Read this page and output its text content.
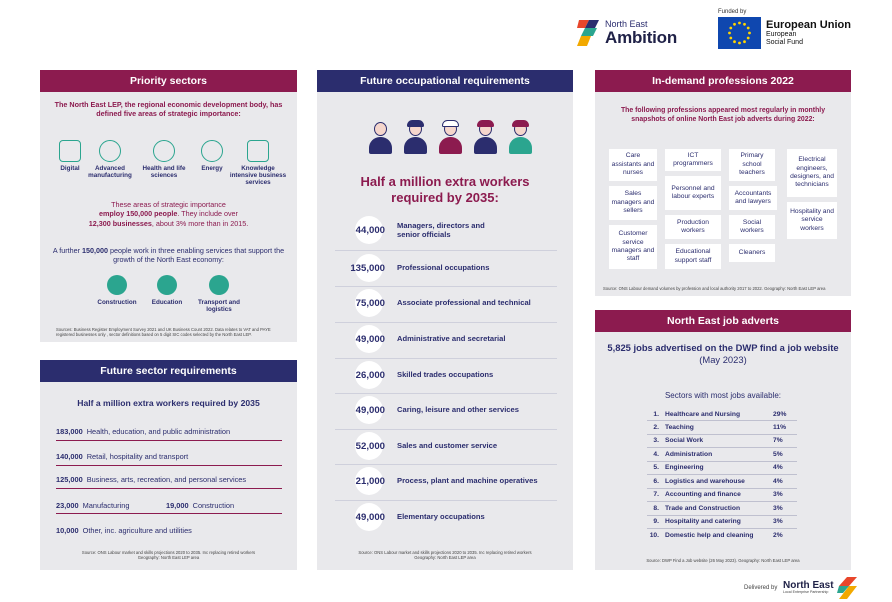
North East
Ambition
Funded by
European Union
European
Social Fund
Priority sectors
The North East LEP, the regional economic development body, has defined five areas of strategic importance:
Digital	Advanced manufacturing
Health and life sciences
Energy	Knowledge intensive business services
These areas of strategic importance
employ 150,000 people. They include over
12,300 businesses, about 3% more than in 2015.
A further 150,000 people work in three enabling services that support the growth of the North East economy:
Construction	Education	Transport and logistics
Sources: Business Register Employment Survey 2021 and UK Business Count 2022. Data relates to VAT and PAYE
registered businesses only , sector definitions based on 5 digit SIC codes selected by the North East LEP.
Future sector requirements
Half a million extra workers required by 2035
183,000 Health, education, and public administration
140,000 Retail, hospitality and transport
125,000 Business, arts, recreation, and personal services
23,000 Manufacturing	19,000 Construction
10,000 Other, inc. agriculture and utilities
Source: ONS Labour market and skills projections 2020 to 2035. Inc replacing retired workers
Geography: North East LEP area
Future occupational requirements
Half a million extra workers
required by 2035:
44,000 Managers, directors and senior officials
135,000 Professional occupations
75,000 Associate professional and technical
49,000 Administrative and secretarial
26,000 Skilled trades occupations
49,000 Caring, leisure and other services
52,000 Sales and customer service
21,000 Process, plant and machine operatives
49,000 Elementary occupations
Source: ONS Labour market and skills projections 2020 to 2035. Inc replacing retired workers
Geography: North East LEP area
In-demand professions 2022
The following professions appeared most regularly in monthly snapshots of online North East job adverts during 2022:
Care assistants and nurses
Sales managers and sellers
Customer service managers and staff
ICT programmers
Personnel and labour experts
Production workers
Educational support staff
Primary school teachers
Accountants and lawyers
Social workers
Cleaners
Electrical engineers, designers, and technicians
Hospitality and service workers
Source: ONS Labour demand volumes by profession and local authority 2017 to 2022. Geography: North East LEP area
North East job adverts
5,825 jobs advertised on the DWP find a job website (May 2023)
Sectors with most jobs available:
1. Healthcare and Nursing	29%
2. Teaching	11%
3. Social Work	7%
4. Administration	5%
5. Engineering	4%
6. Logistics and warehouse	4%
7. Accounting and finance	3%
8. Trade and Construction	3%
9. Hospitality and catering	3%
10. Domestic help and cleaning	2%
Source: DWP Find a Job website (26 May 2023). Geography: North East LEP area
Delivered by North East
Local Enterprise Partnership
